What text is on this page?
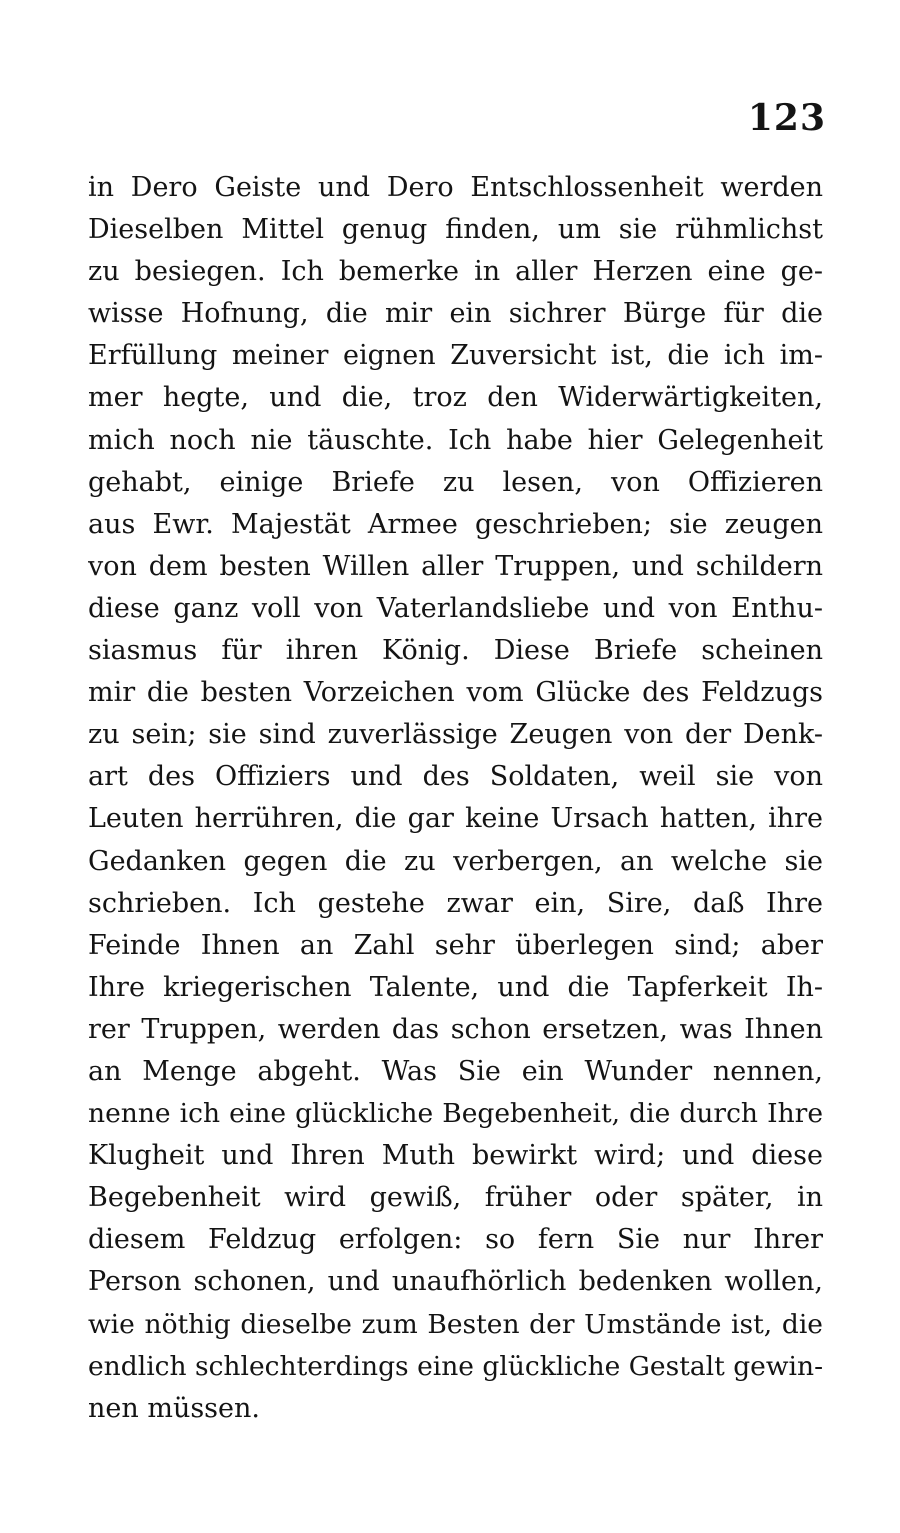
123
in Dero Geiste und Dero Entschlossenheit werden
Dieselben Mittel genug finden, um sie rühmlichst
zu besiegen. Ich bemerke in aller Herzen eine ge-
wisse Hofnung, die mir ein sichrer Bürge für die
Erfüllung meiner eignen Zuversicht ist, die ich im-
mer hegte, und die, troz den Widerwärtigkeiten,
mich noch nie täuschte. Ich habe hier Gelegenheit
gehabt, einige Briefe zu lesen, von Offizieren
aus Ewr. Majestät Armee geschrieben; sie zeugen
von dem besten Willen aller Truppen, und schildern
diese ganz voll von Vaterlandsliebe und von Enthu-
siasmus für ihren König. Diese Briefe scheinen
mir die besten Vorzeichen vom Glücke des Feldzugs
zu sein; sie sind zuverlässige Zeugen von der Denk-
art des Offiziers und des Soldaten, weil sie von
Leuten herrühren, die gar keine Ursach hatten, ihre
Gedanken gegen die zu verbergen, an welche sie
schrieben. Ich gestehe zwar ein, Sire, daß Ihre
Feinde Ihnen an Zahl sehr überlegen sind; aber
Ihre kriegerischen Talente, und die Tapferkeit Ih-
rer Truppen, werden das schon ersetzen, was Ihnen
an Menge abgeht. Was Sie ein Wunder nennen,
nenne ich eine glückliche Begebenheit, die durch Ihre
Klugheit und Ihren Muth bewirkt wird; und diese
Begebenheit wird gewiß, früher oder später, in
diesem Feldzug erfolgen: so fern Sie nur Ihrer
Person schonen, und unaufhörlich bedenken wollen,
wie nöthig dieselbe zum Besten der Umstände ist, die
endlich schlechterdings eine glückliche Gestalt gewin-
nen müssen.
